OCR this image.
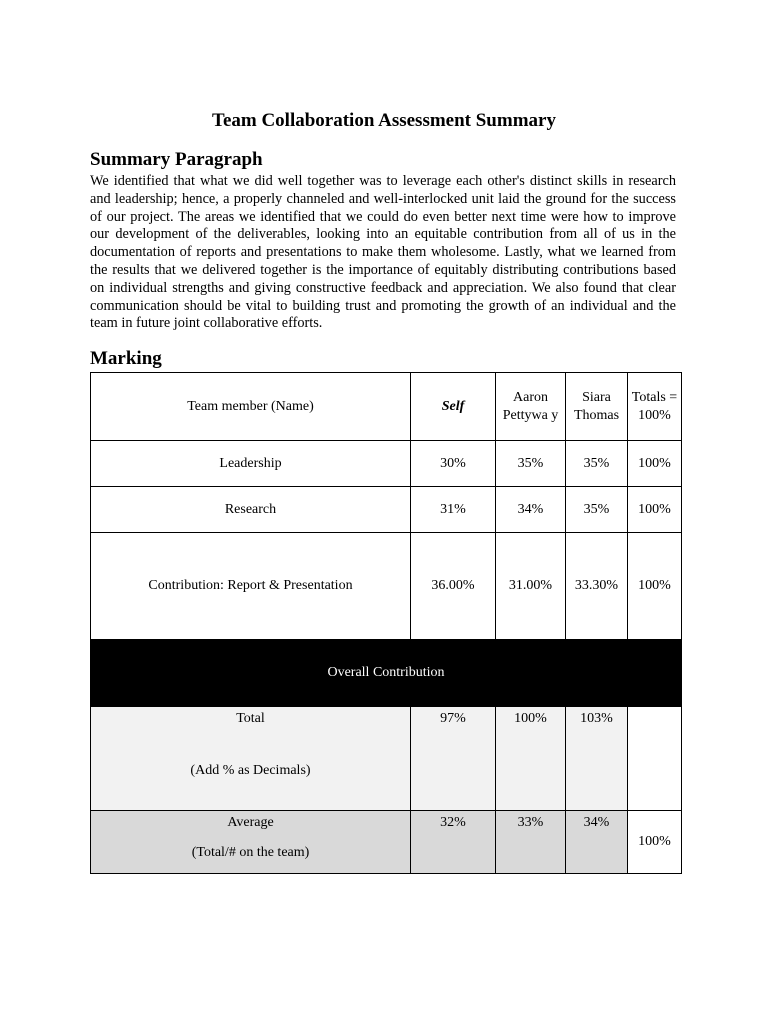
Team Collaboration Assessment Summary
Summary Paragraph

We identified that what we did well together was to leverage each other's distinct skills in research and leadership; hence, a properly channeled and well-interlocked unit laid the ground for the success of our project. The areas we identified that we could do even better next time were how to improve our development of the deliverables, looking into an equitable contribution from all of us in the documentation of reports and presentations to make them wholesome. Lastly, what we learned from the results that we delivered together is the importance of equitably distributing contributions based on individual strengths and giving constructive feedback and appreciation. We also found that clear communication should be vital to building trust and promoting the growth of an individual and the team in future joint collaborative efforts.

Marking
Team member (Name)	Self	Aaron Pettywa y	Siara Thomas	Totals = 100%
Leadership	30%	35%	35%	100%
Research	31%	34%	35%	100%
Contribution: Report & Presentation	36.00%	31.00%	33.30%	100%
Overall Contribution				

Total
(Add % as Decimals)	97%	100%	103%	

Average
(Total/# on the team)	32%	33%	34%	100%
